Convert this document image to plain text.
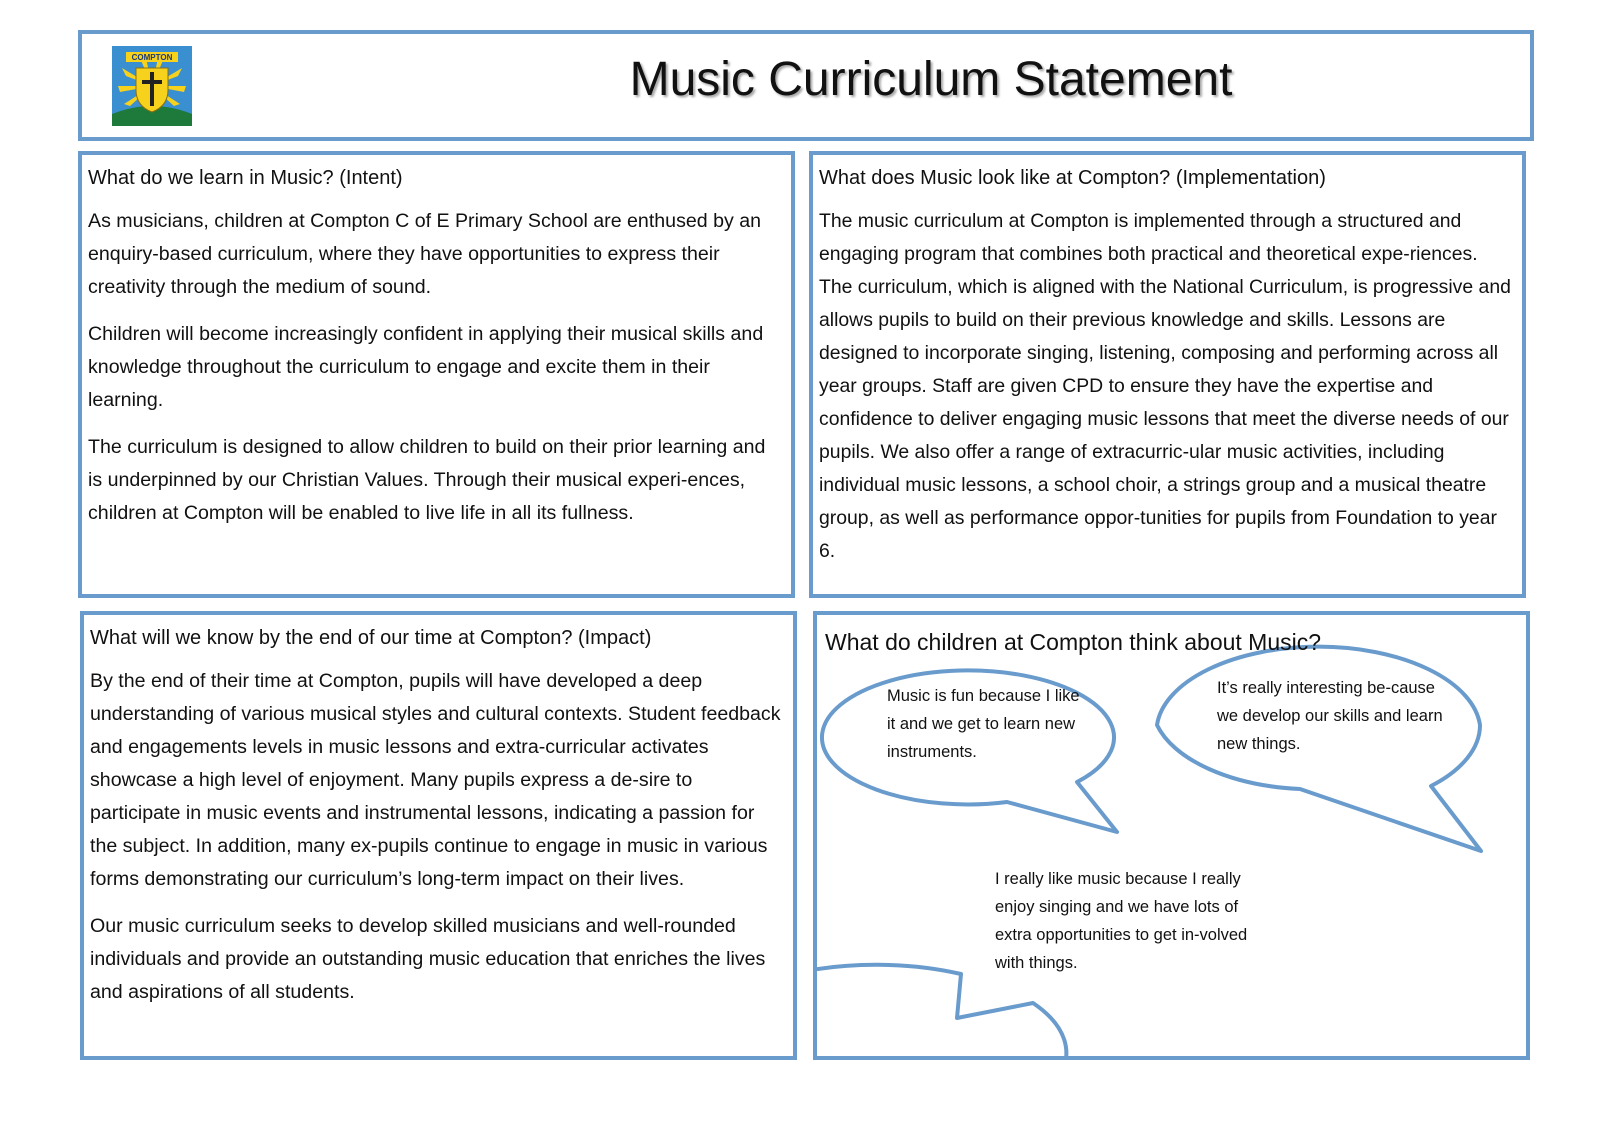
COMPTON	Music Curriculum Statement
What do we learn in Music? (Intent)

As musicians, children at Compton C of E Primary School are enthused by an enquiry-based curriculum, where they have opportunities to express their creativity through the medium of sound.

Children will become increasingly confident in applying their musical skills and knowledge throughout the curriculum to engage and excite them in their learning.

The curriculum is designed to allow children to build on their prior learning and is underpinned by our Christian Values. Through their musical experi-ences, children at Compton will be enabled to live life in all its fullness.

What does Music look like at Compton? (Implementation)

The music curriculum at Compton is implemented through a structured and engaging program that combines both practical and theoretical expe-riences. The curriculum, which is aligned with the National Curriculum, is progressive and allows pupils to build on their previous knowledge and skills. Lessons are designed to incorporate singing, listening, composing and performing across all year groups. Staff are given CPD to ensure they have the expertise and confidence to deliver engaging music lessons that meet the diverse needs of our pupils. We also offer a range of extracurric-ular music activities, including individual music lessons, a school choir, a strings group and a musical theatre group, as well as performance oppor-tunities for pupils from Foundation to year 6.

What will we know by the end of our time at Compton? (Impact)

By the end of their time at Compton, pupils will have developed a deep understanding of various musical styles and cultural contexts. Student feedback and engagements levels in music lessons and extra-curricular activates showcase a high level of enjoyment. Many pupils express a de-sire to participate in music events and instrumental lessons, indicating a passion for the subject. In addition, many ex-pupils continue to engage in music in various forms demonstrating our curriculum’s long-term impact on their lives.

Our music curriculum seeks to develop skilled musicians and well-rounded individuals and provide an outstanding music education that enriches the lives and aspirations of all students.

What do children at Compton think about Music?

Music is fun because I like it and we get to learn new instruments.

It’s really interesting be-cause we develop our skills and learn new things.

I really like music because I really enjoy singing and we have lots of extra opportunities to get in-volved with things.
